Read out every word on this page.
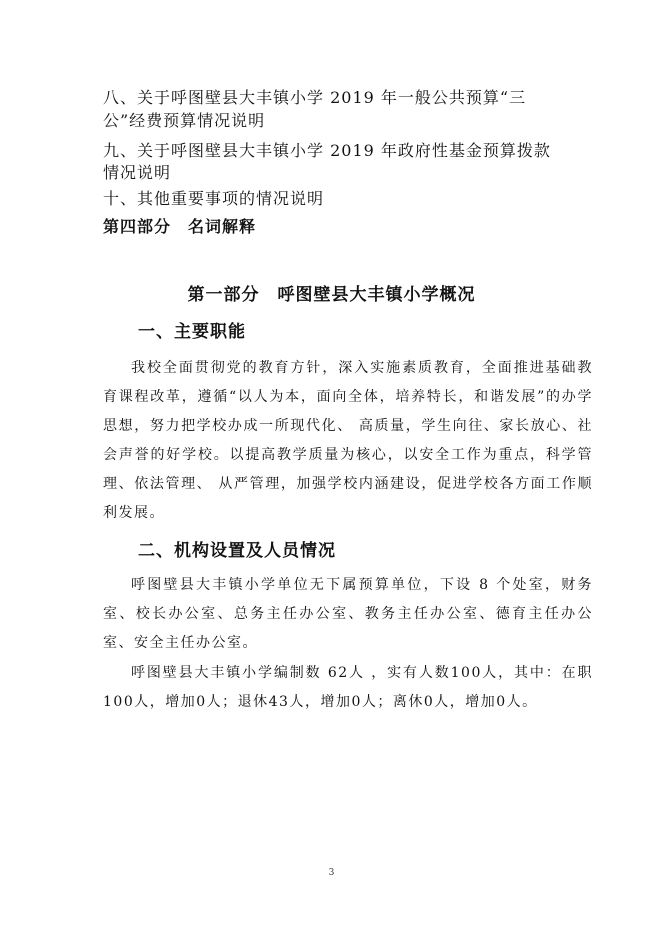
八、关于呼图壁县大丰镇小学 2019 年一般公共预算“三
公”经费预算情况说明
九、关于呼图壁县大丰镇小学 2019 年政府性基金预算拨款
情况说明
十、其他重要事项的情况说明
第四部分　名词解释
第一部分　呼图壁县大丰镇小学概况
一、主要职能
我校全面贯彻党的教育方针，深入实施素质教育，全面推进基础教育课程改革，遵循“以人为本，面向全体，培养特长，和谐发展”的办学思想，努力把学校办成一所现代化、 高质量，学生向往、家长放心、社会声誉的好学校。以提高教学质量为核心，以安全工作为重点，科学管理、依法管理、 从严管理，加强学校内涵建设，促进学校各方面工作顺利发展。
二、机构设置及人员情况
呼图壁县大丰镇小学单位无下属预算单位，下设 8 个处室，财务室、校长办公室、总务主任办公室、教务主任办公室、德育主任办公室、安全主任办公室。
呼图壁县大丰镇小学编制数 62人 ，实有人数100人，其中：在职100人，增加0人；退休43人，增加0人；离休0人，增加0人。
3
